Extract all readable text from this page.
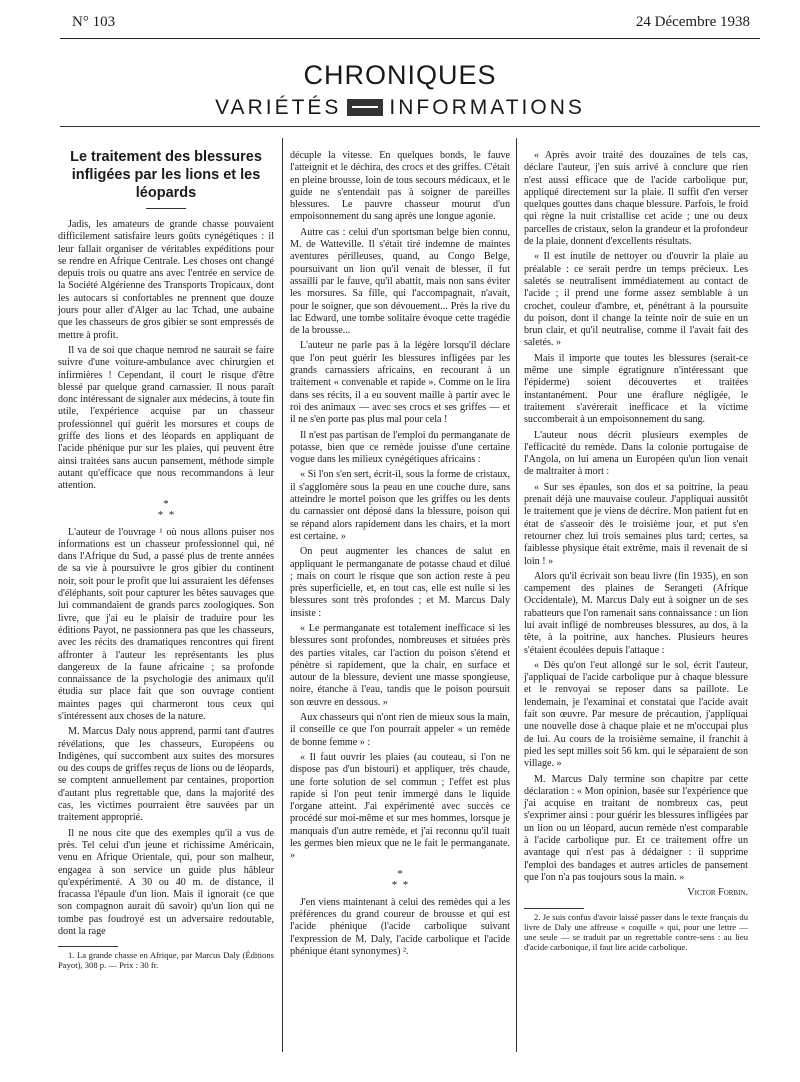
N° 103	24 Décembre 1938
CHRONIQUES
VARIÉTÉS INFORMATIONS
Le traitement des blessures infligées par les lions et les léopards

Jadis, les amateurs de grande chasse pouvaient difficilement satisfaire leurs goûts cynégétiques : il leur fallait organiser de véritables expéditions pour se rendre en Afrique Centrale. Les choses ont changé depuis trois ou quatre ans avec l'entrée en service de la Société Algérienne des Transports Tropicaux, dont les autocars si confortables ne prennent que douze jours pour aller d'Alger au lac Tchad, une aubaine que les chasseurs de gros gibier se sont empressés de mettre à profit.

Il va de soi que chaque nemrod ne saurait se faire suivre d'une voiture-ambulance avec chirurgien et infirmières ! Cependant, il court le risque d'être blessé par quelque grand carnassier. Il nous paraît donc intéressant de signaler aux médecins, à toute fin utile, l'expérience acquise par un chasseur professionnel qui guérit les morsures et coups de griffe des lions et des léopards en appliquant de l'acide phénique pur sur les plaies, qui peuvent être ainsi traitées sans aucun pansement, méthode simple autant qu'efficace que nous recommandons à leur attention.

*
* *

L'auteur de l'ouvrage ¹ où nous allons puiser nos informations est un chasseur professionnel qui, né dans l'Afrique du Sud, a passé plus de trente années de sa vie à poursuivre le gros gibier du continent noir, soit pour le profit que lui assuraient les défenses d'éléphants, soit pour capturer les bêtes sauvages que lui commandaient de grands parcs zoologiques. Son livre, que j'ai eu le plaisir de traduire pour les éditions Payot, ne passionnera pas que les chasseurs, avec les récits des dramatiques rencontres qui firent affronter à l'auteur les représentants les plus dangereux de la faune africaine ; sa profonde connaissance de la psychologie des animaux qu'il étudia sur place fait que son ouvrage contient maintes pages qui charmeront tous ceux qui s'intéressent aux choses de la nature.

M. Marcus Daly nous apprend, parmi tant d'autres révélations, que les chasseurs, Européens ou Indigènes, qui succombent aux suites des morsures ou des coups de griffes reçus de lions ou de léopards, se comptent annuellement par centaines, proportion d'autant plus regrettable que, dans la majorité des cas, les victimes pourraient être sauvées par un traitement approprié.

Il ne nous cite que des exemples qu'il a vus de près. Tel celui d'un jeune et richissime Américain, venu en Afrique Orientale, qui, pour son malheur, engagea à son service un guide plus hâbleur qu'expérimenté. A 30 ou 40 m. de distance, il fracassa l'épaule d'un lion. Mais il ignorait (ce que son compagnon aurait dû savoir) qu'un lion qui ne tombe pas foudroyé est un adversaire redoutable, dont la rage

1. La grande chasse en Afrique, par Marcus Daly (Éditions Payot), 308 p. — Prix : 30 fr.

décuple la vitesse. En quelques bonds, le fauve l'atteignit et le déchira, des crocs et des griffes. C'était en pleine brousse, loin de tous secours médicaux, et le guide ne s'entendait pas à soigner de pareilles blessures. Le pauvre chasseur mourut d'un empoisonnement du sang après une longue agonie.

Autre cas : celui d'un sportsman belge bien connu, M. de Watteville. Il s'était tiré indemne de maintes aventures périlleuses, quand, au Congo Belge, poursuivant un lion qu'il venait de blesser, il fut assailli par le fauve, qu'il abattit, mais non sans éviter les morsures. Sa fille, qui l'accompagnait, n'avait, pour le soigner, que son dévouement... Près la rive du lac Edward, une tombe solitaire évoque cette tragédie de la brousse...

L'auteur ne parle pas à la légère lorsqu'il déclare que l'on peut guérir les blessures infligées par les grands carnassiers africains, en recourant à un traitement « convenable et rapide ». Comme on le lira dans ses récits, il a eu souvent maille à partir avec le roi des animaux — avec ses crocs et ses griffes — et il ne s'en porte pas plus mal pour cela !

Il n'est pas partisan de l'emploi du permanganate de potasse, bien que ce remède jouisse d'une certaine vogue dans les milieux cynégétiques africains :

« Si l'on s'en sert, écrit-il, sous la forme de cristaux, il s'agglomère sous la peau en une couche dure, sans atteindre le mortel poison que les griffes ou les dents du carnassier ont déposé dans la blessure, poison qui se répand alors rapidement dans les chairs, et la mort est certaine. »

On peut augmenter les chances de salut en appliquant le permanganate de potasse chaud et dilué ; mais on court le risque que son action reste à peu près superficielle, et, en tout cas, elle est nulle si les blessures sont très profondes ; et M. Marcus Daly insiste :

« Le permanganate est totalement inefficace si les blessures sont profondes, nombreuses et situées près des parties vitales, car l'action du poison s'étend et pénètre si rapidement, que la chair, en surface et autour de la blessure, devient une masse spongieuse, noire, étanche à l'eau, tandis que le poison poursuit son œuvre en dessous. »

Aux chasseurs qui n'ont rien de mieux sous la main, il conseille ce que l'on pourrait appeler « un remède de bonne femme » :

« Il faut ouvrir les plaies (au couteau, si l'on ne dispose pas d'un bistouri) et appliquer, très chaude, une forte solution de sel commun ; l'effet est plus rapide si l'on peut tenir immergé dans le liquide l'organe atteint. J'ai expérimenté avec succès ce procédé sur moi-même et sur mes hommes, lorsque je manquais d'un autre remède, et j'ai reconnu qu'il tuait les germes bien mieux que ne le fait le permanganate. »

*
* *

J'en viens maintenant à celui des remèdes qui a les préférences du grand coureur de brousse et qui est l'acide phénique (l'acide carbolique suivant l'expression de M. Daly, l'acide carbolique et l'acide phénique étant synonymes) ².

« Après avoir traité des douzaines de tels cas, déclare l'auteur, j'en suis arrivé à conclure que rien n'est aussi efficace que de l'acide carbolique pur, appliqué directement sur la plaie. Il suffit d'en verser quelques gouttes dans chaque blessure. Parfois, le froid qui règne la nuit cristallise cet acide ; une ou deux parcelles de cristaux, selon la grandeur et la profondeur de la plaie, donnent d'excellents résultats.

« Il est inutile de nettoyer ou d'ouvrir la plaie au préalable : ce serait perdre un temps précieux. Les saletés se neutralisent immédiatement au contact de l'acide ; il prend une forme assez semblable à un crochet, couleur d'ambre, et, pénétrant à la poursuite du poison, dont il change la teinte noir de suie en un brun clair, et qu'il neutralise, comme il l'avait fait des saletés. »

Mais il importe que toutes les blessures (serait-ce même une simple égratignure n'intéressant que l'épiderme) soient découvertes et traitées instantanément. Pour une éraflure négligée, le traitement s'avérerait inefficace et la victime succomberait à un empoisonnement du sang.

L'auteur nous décrit plusieurs exemples de l'efficacité du remède. Dans la colonie portugaise de l'Angola, on lui amena un Européen qu'un lion venait de maltraiter à mort :

« Sur ses épaules, son dos et sa poitrine, la peau prenait déjà une mauvaise couleur. J'appliquai aussitôt le traitement que je viens de décrire. Mon patient fut en état de s'asseoir dès le troisième jour, et put s'en retourner chez lui trois semaines plus tard; certes, sa faiblesse physique était extrême, mais il revenait de si loin ! »

Alors qu'il écrivait son beau livre (fin 1935), en son campement des plaines de Serangeti (Afrique Occidentale), M. Marcus Daly eut à soigner un de ses rabatteurs que l'on ramenait sans connaissance : un lion lui avait infligé de nombreuses blessures, au dos, à la tête, à la poitrine, aux hanches. Plusieurs heures s'étaient écoulées depuis l'attaque :

« Dès qu'on l'eut allongé sur le sol, écrit l'auteur, j'appliquai de l'acide carbolique pur à chaque blessure et le renvoyai se reposer dans sa paillote. Le lendemain, je l'examinai et constatai que l'acide avait fait son œuvre. Par mesure de précaution, j'appliquai une nouvelle dose à chaque plaie et ne m'occupai plus de lui. Au cours de la troisième semaine, il franchit à pied les sept milles soit 56 km. qui le séparaient de son village. »

M. Marcus Daly termine son chapitre par cette déclaration : « Mon opinion, basée sur l'expérience que j'ai acquise en traitant de nombreux cas, peut s'exprimer ainsi : pour guérir les blessures infligées par un lion ou un léopard, aucun remède n'est comparable à l'acide carbolique pur. Et ce traitement offre un avantage qui n'est pas à dédaigner : il supprime l'emploi des bandages et autres articles de pansement que l'on n'a pas toujours sous la main. »

Victor Forbin.

2. Je suis confus d'avoir laissé passer dans le texte français du livre de Daly une affreuse « coquille » qui, pour une lettre — une seule — se traduit par un regrettable contre-sens : au lieu d'acide carbonique, il faut lire acide carbolique.
